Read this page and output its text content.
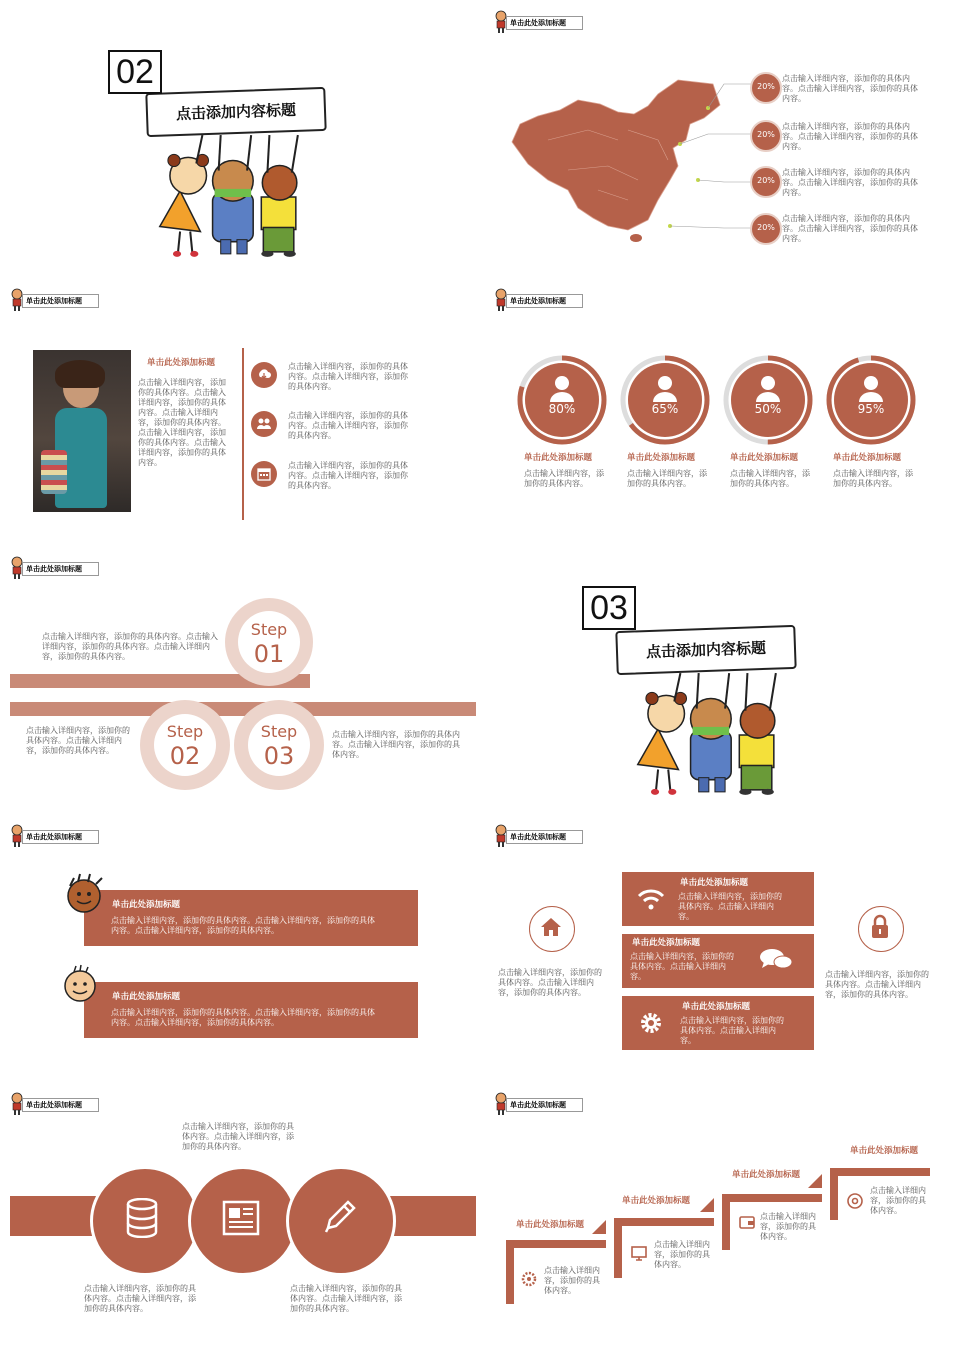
02
点击添加内容标题
单击此处添加标题
20%
点击输入详细内容，添加你的具体内容。点击输入详细内容，添加你的具体内容。
20%
点击输入详细内容，添加你的具体内容。点击输入详细内容，添加你的具体内容。
20%
点击输入详细内容，添加你的具体内容。点击输入详细内容，添加你的具体内容。
20%
点击输入详细内容，添加你的具体内容。点击输入详细内容，添加你的具体内容。
单击此处添加标题
单击此处添加标题
点击输入详细内容，添加你的具体内容。点击输入详细内容，添加你的具体内容。点击输入详细内容，添加你的具体内容。点击输入详细内容，添加你的具体内容。点击输入详细内容，添加你的具体内容。
点击输入详细内容，添加你的具体内容。点击输入详细内容，添加你的具体内容。
点击输入详细内容，添加你的具体内容。点击输入详细内容，添加你的具体内容。
点击输入详细内容，添加你的具体内容。点击输入详细内容，添加你的具体内容。
单击此处添加标题
80%
单击此处添加标题
点击输入详细内容，添加你的具体内容。
65%
单击此处添加标题
点击输入详细内容，添加你的具体内容。
50%
单击此处添加标题
点击输入详细内容，添加你的具体内容。
95%
单击此处添加标题
点击输入详细内容，添加你的具体内容。
单击此处添加标题
Step
01
点击输入详细内容，添加你的具体内容。点击输入详细内容，添加你的具体内容。点击输入详细内容，添加你的具体内容。
Step
02
点击输入详细内容，添加你的具体内容。点击输入详细内容，添加你的具体内容。
Step
03
点击输入详细内容，添加你的具体内容。点击输入详细内容，添加你的具体内容。
03
点击添加内容标题
单击此处添加标题
单击此处添加标题
点击输入详细内容，添加你的具体内容。点击输入详细内容，添加你的具体内容。点击输入详细内容，添加你的具体内容。
单击此处添加标题
点击输入详细内容，添加你的具体内容。点击输入详细内容，添加你的具体内容。点击输入详细内容，添加你的具体内容。
单击此处添加标题
点击输入详细内容，添加你的具体内容。点击输入详细内容，添加你的具体内容。
单击此处添加标题
点击输入详细内容，添加你的具体内容。点击输入详细内容。
单击此处添加标题
点击输入详细内容，添加你的具体内容。点击输入详细内容。
单击此处添加标题
点击输入详细内容，添加你的具体内容。点击输入详细内容。
点击输入详细内容，添加你的具体内容。点击输入详细内容，添加你的具体内容。
单击此处添加标题
点击输入详细内容，添加你的具体内容。点击输入详细内容，添加你的具体内容。
点击输入详细内容，添加你的具体内容。点击输入详细内容，添加你的具体内容。
点击输入详细内容，添加你的具体内容。点击输入详细内容，添加你的具体内容。
单击此处添加标题
单击此处添加标题
点击输入详细内容，添加你的具体内容。
单击此处添加标题
点击输入详细内容，添加你的具体内容。
单击此处添加标题
点击输入详细内容，添加你的具体内容。
单击此处添加标题
点击输入详细内容，添加你的具体内容。
